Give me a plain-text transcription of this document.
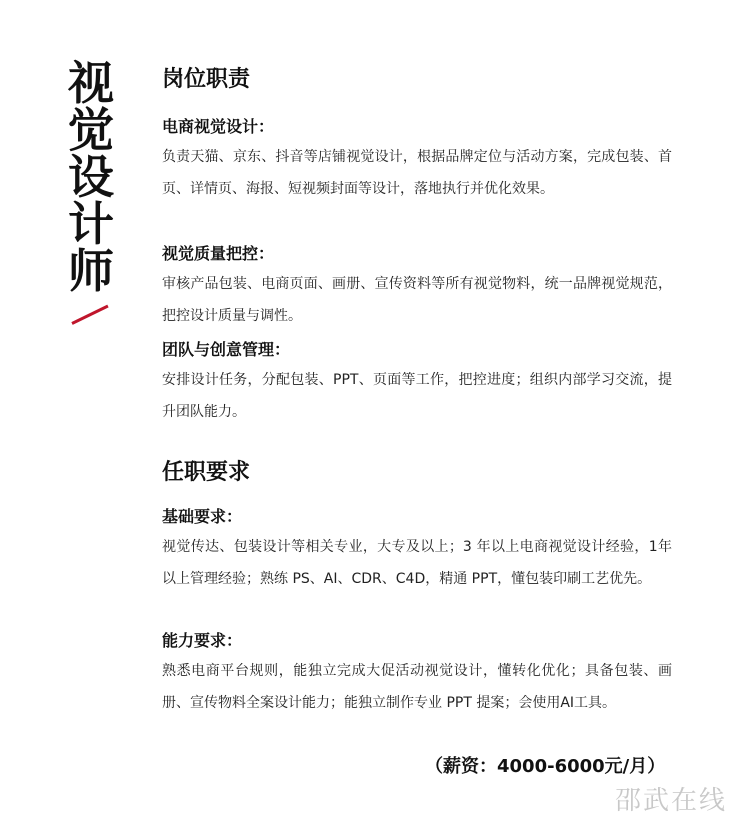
视
觉
设
计
师
岗位职责
电商视觉设计：

负责天猫、京东、抖音等店铺视觉设计，根据品牌定位与活动方案，完成包装、首页、详情页、海报、短视频封面等设计，落地执行并优化效果。

视觉质量把控：

审核产品包装、电商页面、画册、宣传资料等所有视觉物料，统一品牌视觉规范，把控设计质量与调性。

团队与创意管理：

安排设计任务，分配包装、PPT、页面等工作，把控进度；组织内部学习交流，提升团队能力。

任职要求
基础要求：

视觉传达、包装设计等相关专业，大专及以上；3 年以上电商视觉设计经验，1年以上管理经验；熟练 PS、AI、CDR、C4D，精通 PPT，懂包装印刷工艺优先。

能力要求：

熟悉电商平台规则，能独立完成大促活动视觉设计，懂转化优化；具备包装、画册、宣传物料全案设计能力；能独立制作专业 PPT 提案；会使用AI工具。

（薪资：4000-6000元/月）
邵武在线
